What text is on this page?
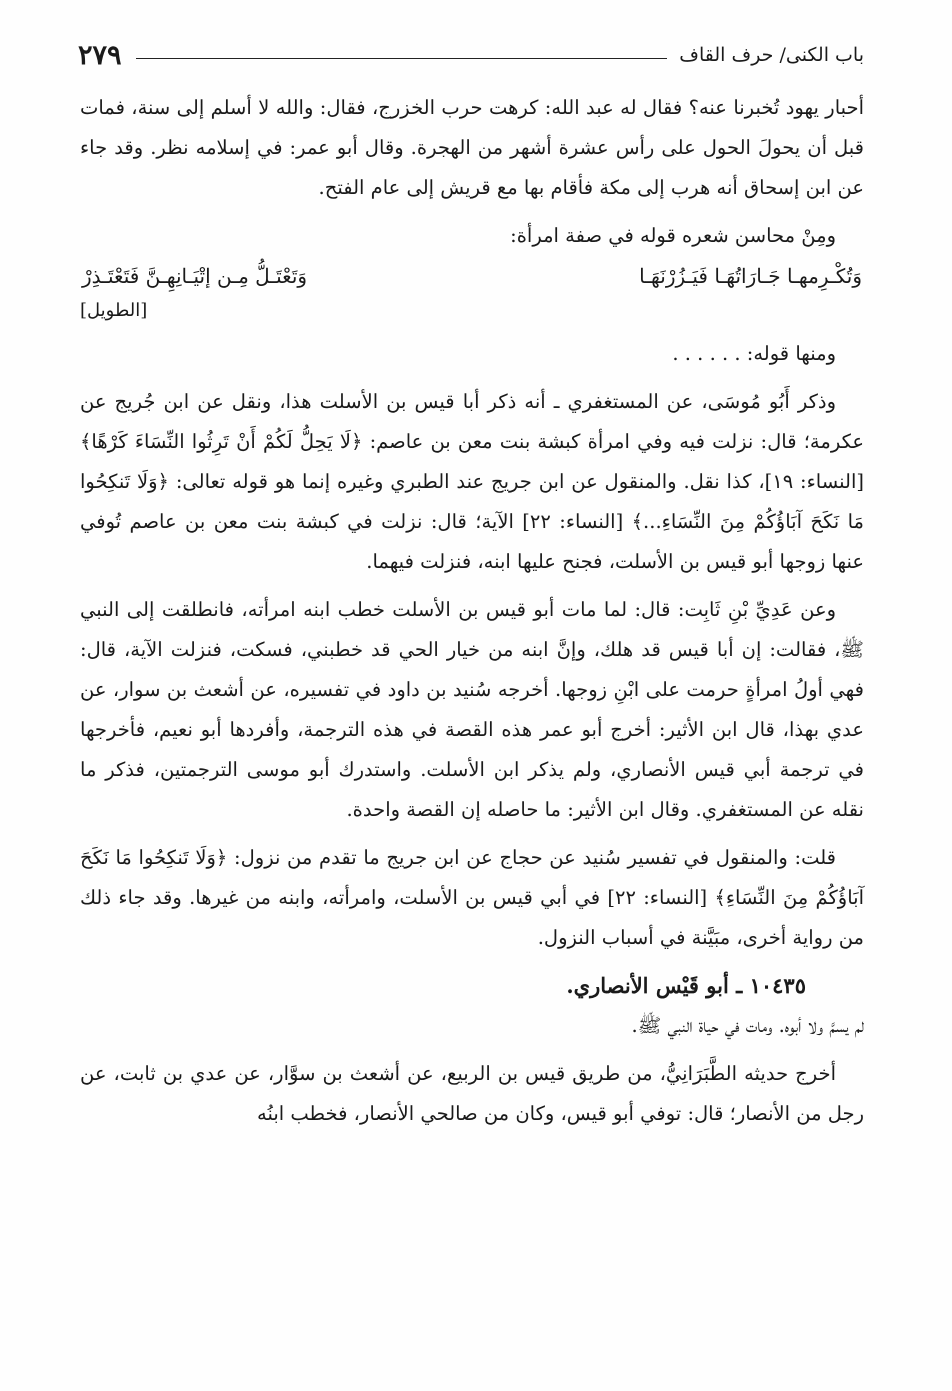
باب الكنى/ حرف القاف
٢٧٩

أحبار يهود تُخبرنا عنه؟ فقال له عبد الله: كرهت حرب الخزرج، فقال: والله لا أسلم إلى سنة، فمات قبل أن يحولَ الحول على رأس عشرة أشهر من الهجرة. وقال أبو عمر: في إسلامه نظر. وقد جاء عن ابن إسحاق أنه هرب إلى مكة فأقام بها مع قريش إلى عام الفتح.

ومِنْ محاسن شعره قوله في صفة امرأة:

وَتُكْـرِمهـا جَـارَاتُهَـا فَيَـزُرْنَهَـا
وَتَعْتَـلُّ مِـن إتْيَـانِهِـنَّ فَتَعْتَـذِرْ
[الطويل]

ومنها قوله: . . . . . .

وذكر أَبُو مُوسَى، عن المستغفري ـ أنه ذكر أبا قيس بن الأسلت هذا، ونقل عن ابن جُريج عن عكرمة؛ قال: نزلت فيه وفي امرأة كبشة بنت معن بن عاصم: ﴿لَا يَحِلُّ لَكُمْ أَنْ تَرِثُوا النِّسَاءَ كَرْهًا﴾ [النساء: ١٩]، كذا نقل. والمنقول عن ابن جريج عند الطبري وغيره إنما هو قوله تعالى: ﴿وَلَا تَنكِحُوا مَا نَكَحَ آبَاؤُكُمْ مِنَ النِّسَاءِ...﴾ [النساء: ٢٢] الآية؛ قال: نزلت في كبشة بنت معن بن عاصم تُوفي عنها زوجها أبو قيس بن الأسلت، فجنح عليها ابنه، فنزلت فيهما.

وعن عَدِيِّ بْنِ ثَابِت: قال: لما مات أبو قيس بن الأسلت خطب ابنه امرأته، فانطلقت إلى النبي ﷺ، فقالت: إن أبا قيس قد هلك، وإنَّ ابنه من خيار الحي قد خطبني، فسكت، فنزلت الآية، قال: فهي أولُ امرأةٍ حرمت على ابْنِ زوجها. أخرجه سُنيد بن داود في تفسيره، عن أشعث بن سوار، عن عدي بهذا، قال ابن الأثير: أخرج أبو عمر هذه القصة في هذه الترجمة، وأفردها أبو نعيم، فأخرجها في ترجمة أبي قيس الأنصاري، ولم يذكر ابن الأسلت. واستدرك أبو موسى الترجمتين، فذكر ما نقله عن المستغفري. وقال ابن الأثير: ما حاصله إن القصة واحدة.

قلت: والمنقول في تفسير سُنيد عن حجاج عن ابن جريج ما تقدم من نزول: ﴿وَلَا تَنكِحُوا مَا نَكَحَ آبَاؤُكُمْ مِنَ النِّسَاءِ﴾ [النساء: ٢٢] في أبي قيس بن الأسلت، وامرأته، وابنه من غيرها. وقد جاء ذلك من رواية أخرى، مبَيَّنة في أسباب النزول.

١٠٤٣٥ ـ أبو قَيْس الأنصاري.

لم يسمَّ ولا أبوه. ومات في حياة النبي ﷺ.

أخرج حديثه الطَّبَرَانِيُّ، من طريق قيس بن الربيع، عن أشعث بن سوَّار، عن عدي بن ثابت، عن رجل من الأنصار؛ قال: توفي أبو قيس، وكان من صالحي الأنصار، فخطب ابنُه
